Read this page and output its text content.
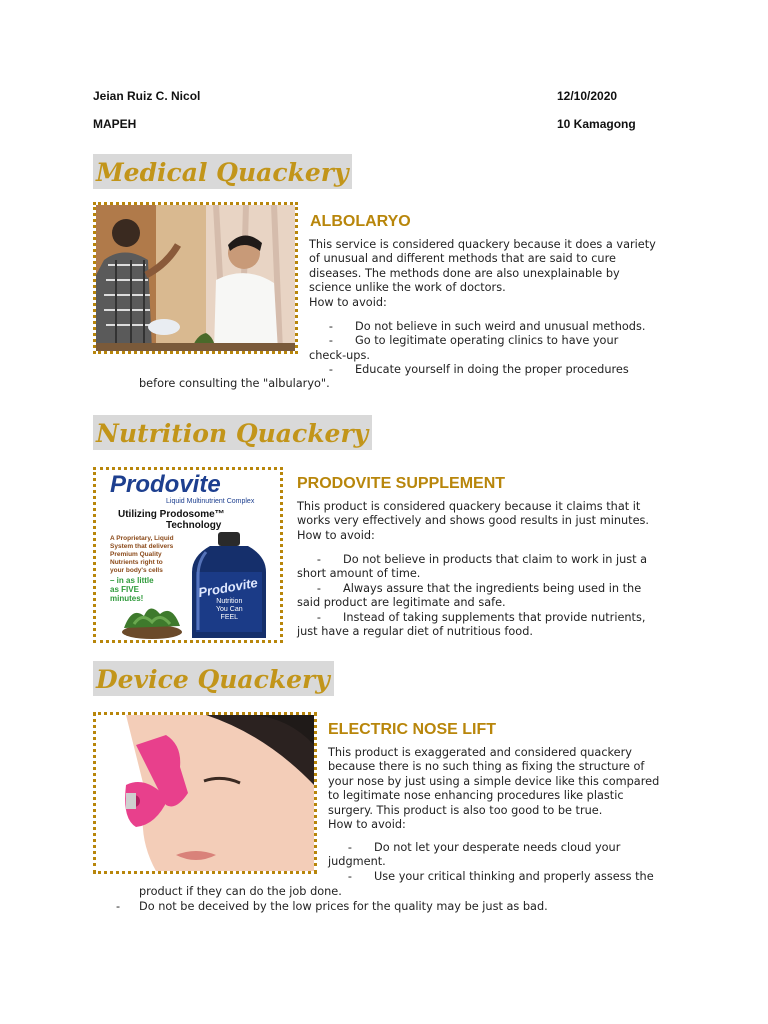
Jeian Ruiz C. Nicol	12/10/2020
MAPEH	10 Kamagong
Medical Quackery
ALBOLARYO

This service is considered quackery because it does a variety

of unusual and different methods that are said to cure

diseases. The methods done are also unexplainable by

science unlike the work of doctors.

How to avoid:

- Do not believe in such weird and unusual methods.

- Go to legitimate operating clinics to have your

check-ups.

- Educate yourself in doing the proper procedures

before consulting the "albularyo".
Nutrition Quackery
Prodovite
Liquid Multinutrient Complex
Utilizing Prodosome™
Technology
A Proprietary, Liquid
System that delivers
Premium Quality
Nutrients right to
your body's cells
– in as little
as FIVE
minutes!	Prodovite
Nutrition
You Can
FEEL
PRODOVITE SUPPLEMENT

This product is considered quackery because it claims that it

works very effectively and shows good results in just minutes.

How to avoid:

- Do not believe in products that claim to work in just a

short amount of time.

- Always assure that the ingredients being used in the

said product are legitimate and safe.

- Instead of taking supplements that provide nutrients,

just have a regular diet of nutritious food.

Device Quackery
ELECTRIC NOSE LIFT

This product is exaggerated and considered quackery

because there is no such thing as fixing the structure of

your nose by just using a simple device like this compared

to legitimate nose enhancing procedures like plastic

surgery. This product is also too good to be true.

How to avoid:

- Do not let your desperate needs cloud your

judgment.

- Use your critical thinking and properly assess the

product if they can do the job done.
- Do not be deceived by the low prices for the quality may be just as bad.
